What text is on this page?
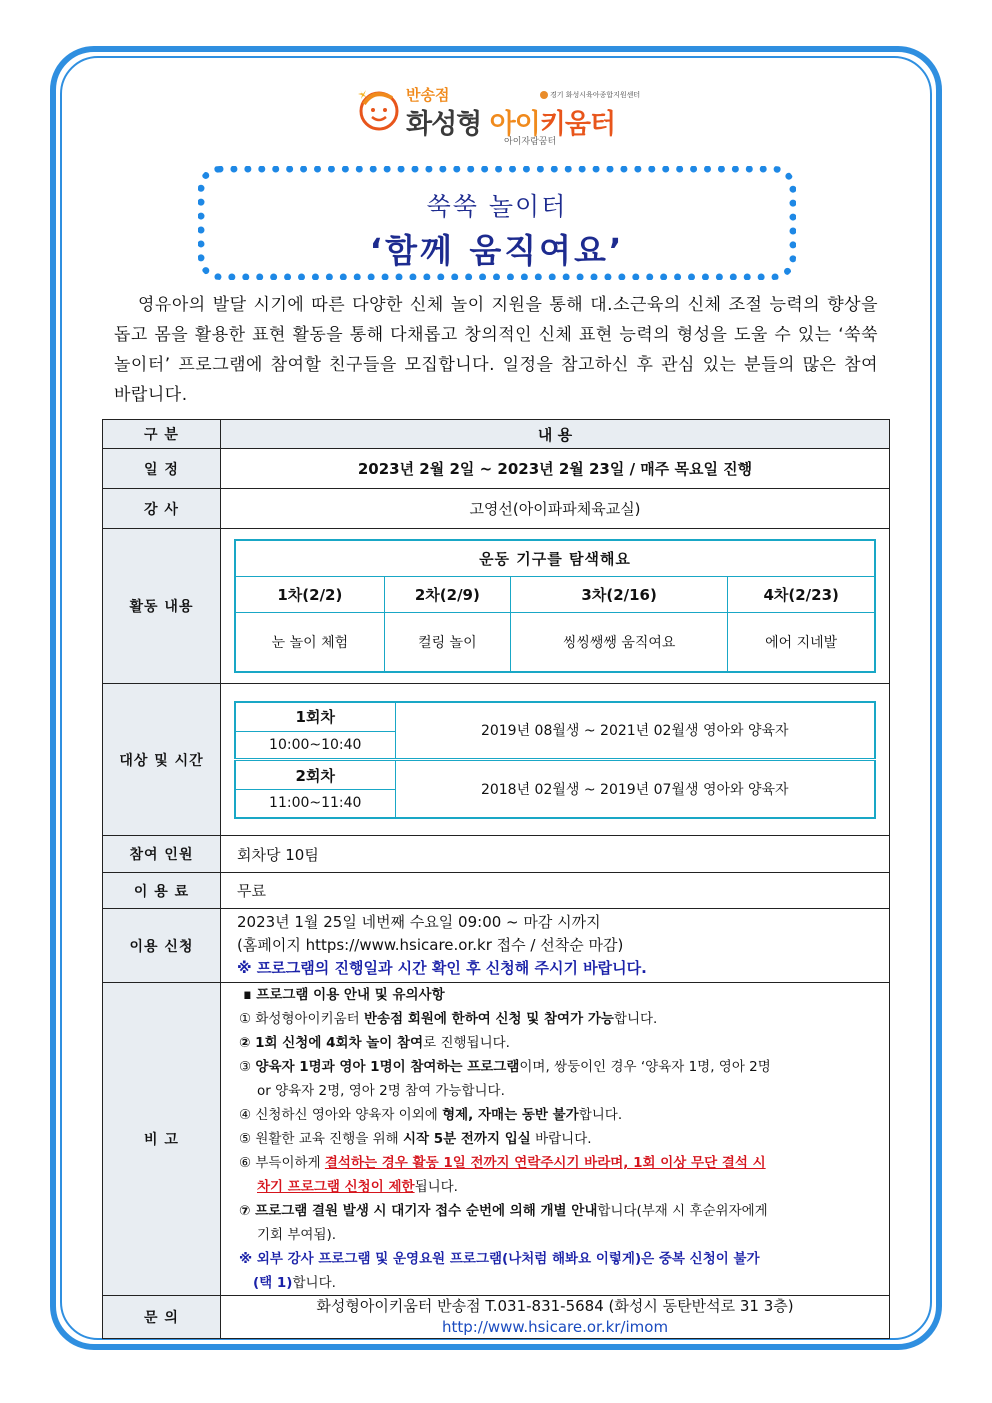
반송점
화성형 아이키움터
아이자람꿈터
경기 화성시육아종합지원센터
쑥쑥 놀이터
‘함께 움직여요’

영유아의 발달 시기에 따른 다양한 신체 놀이 지원을 통해 대.소근육의 신체 조절 능력의 향상을 돕고 몸을 활용한 표현 활동을 통해 다채롭고 창의적인 신체 표현 능력의 형성을 도울 수 있는 ‘쑥쑥 놀이터’ 프로그램에 참여할 친구들을 모집합니다. 일정을 참고하신 후 관심 있는 분들의 많은 참여 바랍니다.

구 분	내 용
일 정	2023년 2월 2일 ~ 2023년 2월 23일 / 매주 목요일 진행
강 사	고영선(아이파파체육교실)
활동 내용	
운동 기구를 탐색해요
1차(2/2)	2차(2/9)	3차(2/16)	4차(2/23)
눈 놀이 체험	컬링 놀이	씽씽쌩쌩 움직여요	에어 지네발

대상 및 시간	
1회차	2019년 08월생 ~ 2021년 02월생 영아와 양육자
10:00~10:40
2회차	2018년 02월생 ~ 2019년 07월생 영아와 양육자
11:00~11:40

참여 인원	회차당 10팀
이 용 료	무료
이용 신청	
2023년 1월 25일 네번째 수요일 09:00 ~ 마감 시까지
(홈페이지 https://www.hsicare.or.kr 접수 / 선착순 마감)
※ 프로그램의 진행일과 시간 확인 후 신청해 주시기 바랍니다.

비 고	
∎ 프로그램 이용 안내 및 유의사항
① 화성형아이키움터 반송점 회원에 한하여 신청 및 참여가 가능합니다.
② 1회 신청에 4회차 놀이 참여로 진행됩니다.
③ 양육자 1명과 영아 1명이 참여하는 프로그램이며, 쌍둥이인 경우 ‘양육자 1명, 영아 2명
or 양육자 2명, 영아 2명 참여 가능합니다.
④ 신청하신 영아와 양육자 이외에 형제, 자매는 동반 불가합니다.
⑤ 원활한 교육 진행을 위해 시작 5분 전까지 입실 바랍니다.
⑥ 부득이하게 결석하는 경우 활동 1일 전까지 연락주시기 바라며, 1회 이상 무단 결석 시
차기 프로그램 신청이 제한됩니다.
⑦ 프로그램 결원 발생 시 대기자 접수 순번에 의해 개별 안내합니다(부재 시 후순위자에게
기회 부여됨).
※ 외부 강사 프로그램 및 운영요원 프로그램(나처럼 해봐요 이렇게)은 중복 신청이 불가
(택 1)합니다.

문 의	
화성형아이키움터 반송점 T.031-831-5684 (화성시 동탄반석로 31 3층)
http://www.hsicare.or.kr/imom
